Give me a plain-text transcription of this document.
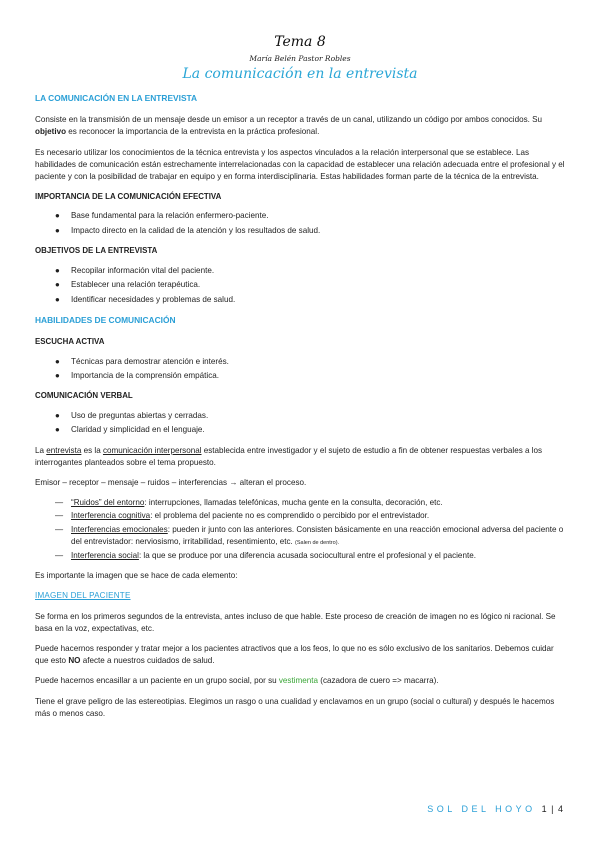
Tema 8
María Belén Pastor Robles
La comunicación en la entrevista
LA COMUNICACIÓN EN LA ENTREVISTA

Consiste en la transmisión de un mensaje desde un emisor a un receptor a través de un canal, utilizando un código por ambos conocidos. Su objetivo es reconocer la importancia de la entrevista en la práctica profesional.

Es necesario utilizar los conocimientos de la técnica entrevista y los aspectos vinculados a la relación interpersonal que se establece. Las habilidades de comunicación están estrechamente interrelacionadas con la capacidad de establecer una relación adecuada entre el profesional y el paciente y con la posibilidad de trabajar en equipo y en forma interdisciplinaria. Estas habilidades forman parte de la técnica de la entrevista.

IMPORTANCIA DE LA COMUNICACIÓN EFECTIVA
● Base fundamental para la relación enfermero-paciente.
● Impacto directo en la calidad de la atención y los resultados de salud.
OBJETIVOS DE LA ENTREVISTA
● Recopilar información vital del paciente.
● Establecer una relación terapéutica.
● Identificar necesidades y problemas de salud.
HABILIDADES DE COMUNICACIÓN
ESCUCHA ACTIVA
● Técnicas para demostrar atención e interés.
● Importancia de la comprensión empática.
COMUNICACIÓN VERBAL
● Uso de preguntas abiertas y cerradas.
● Claridad y simplicidad en el lenguaje.

La entrevista es la comunicación interpersonal establecida entre investigador y el sujeto de estudio a fin de obtener respuestas verbales a los interrogantes planteados sobre el tema propuesto.

Emisor – receptor – mensaje – ruidos – interferencias → alteran el proceso.

— “Ruidos” del entorno: interrupciones, llamadas telefónicas, mucha gente en la consulta, decoración, etc.
— Interferencia cognitiva: el problema del paciente no es comprendido o percibido por el entrevistador.
— Interferencias emocionales: pueden ir junto con las anteriores. Consisten básicamente en una reacción emocional adversa del paciente o del entrevistador: nerviosismo, irritabilidad, resentimiento, etc. (Salen de dentro).
— Interferencia social: la que se produce por una diferencia acusada sociocultural entre el profesional y el paciente.

Es importante la imagen que se hace de cada elemento:

IMAGEN DEL PACIENTE

Se forma en los primeros segundos de la entrevista, antes incluso de que hable. Este proceso de creación de imagen no es lógico ni racional. Se basa en la voz, expectativas, etc.

Puede hacernos responder y tratar mejor a los pacientes atractivos que a los feos, lo que no es sólo exclusivo de los sanitarios. Debemos cuidar que esto NO afecte a nuestros cuidados de salud.

Puede hacernos encasillar a un paciente en un grupo social, por su vestimenta (cazadora de cuero => macarra).

Tiene el grave peligro de las estereotipias. Elegimos un rasgo o una cualidad y enclavamos en un grupo (social o cultural) y después le hacemos más o menos caso.

SOL DEL HOYO 1 | 4
